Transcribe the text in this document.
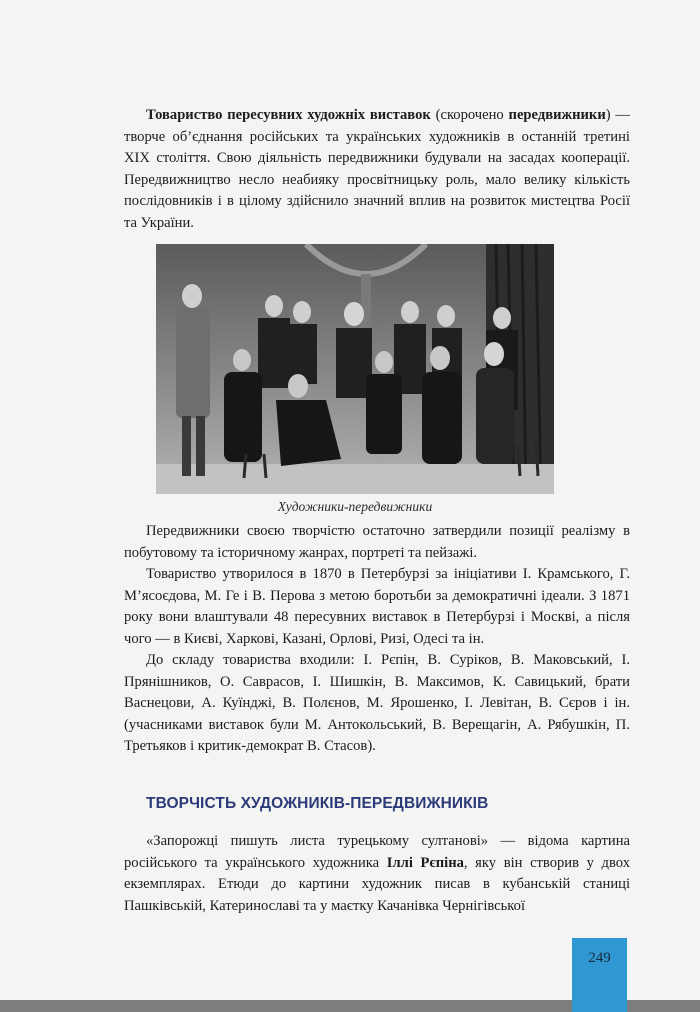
Товариство пересувних художніх виставок (скорочено передвижники) — творче об’єднання російських та українських художників в останній третині XIX століття. Свою діяльність передвижники будували на засадах кооперації. Передвижництво несло неабияку просвітницьку роль, мало велику кількість послідовників і в цілому здійснило значний вплив на розвиток мистецтва Росії та України.

Художники-передвижники

Передвижники своєю творчістю остаточно затвердили позиції реалізму в побутовому та історичному жанрах, портреті та пейзажі.

Товариство утворилося в 1870 в Петербурзі за ініціативи І. Крамського, Г. М’ясоєдова, М. Ге і В. Перова з метою боротьби за демократичні ідеали. З 1871 року вони влаштували 48 пересувних виставок в Петербурзі і Москві, а після чого — в Києві, Харкові, Казані, Орлові, Ризі, Одесі та ін.

До складу товариства входили: І. Рєпін, В. Суріков, В. Маковський, І. Прянішников, О. Саврасов, І. Шишкін, В. Максимов, К. Савицький, брати Васнецови, А. Куїнджі, В. Полєнов, М. Ярошенко, І. Левітан, В. Сєров і ін. (учасниками виставок були М. Антокольський, В. Верещагін, А. Рябушкін, П. Третьяков і критик-демократ В. Стасов).

ТВОРЧІСТЬ ХУДОЖНИКІВ-ПЕРЕДВИЖНИКІВ

«Запорожці пишуть листа турецькому султанові» — відома картина російського та українського художника Іллі Рєпіна, яку він створив у двох екземплярах. Етюди до картини художник писав в кубанській станиці Пашківській, Катеринославі та у маєтку Качанівка Чернігівської

249
